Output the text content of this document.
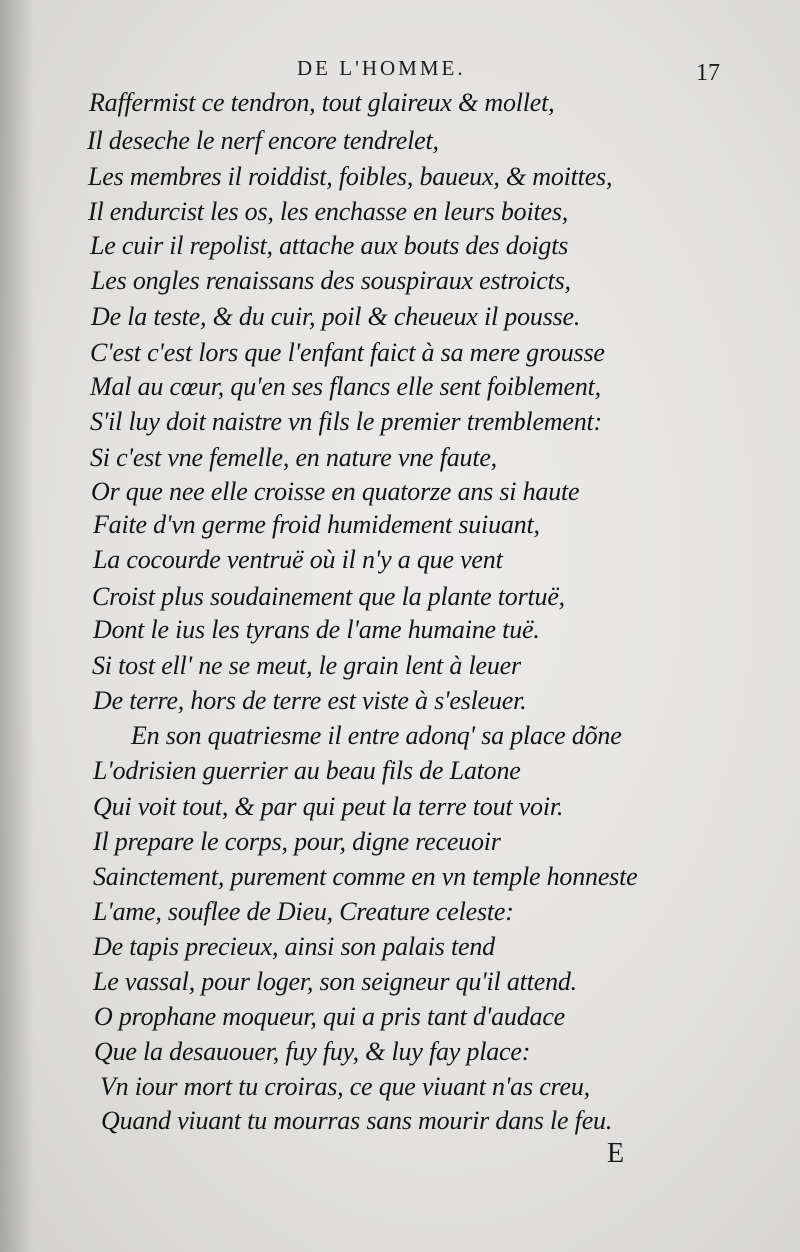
DE L'HOMME.	17
Raffermist ce tendron, tout glaireux & mollet,
Il deseche le nerf encore tendrelet,
Les membres il roiddist, foibles, baueux, & moittes,
Il endurcist les os, les enchasse en leurs boites,
Le cuir il repolist, attache aux bouts des doigts
Les ongles renaissans des souspiraux estroicts,
De la teste, & du cuir, poil & cheueux il pousse.
C'est c'est lors que l'enfant faict à sa mere grousse
Mal au cœur, qu'en ses flancs elle sent foiblement,
S'il luy doit naistre vn fils le premier tremblement:
Si c'est vne femelle, en nature vne faute,
Or que nee elle croisse en quatorze ans si haute
Faite d'vn germe froid humidement suiuant,
La cocourde ventruë où il n'y a que vent
Croist plus soudainement que la plante tortuë,
Dont le ius les tyrans de l'ame humaine tuë.
Si tost ell' ne se meut, le grain lent à leuer
De terre, hors de terre est viste à s'esleuer.
En son quatriesme il entre adonq' sa place dõne
L'odrisien guerrier au beau fils de Latone
Qui voit tout, & par qui peut la terre tout voir.
Il prepare le corps, pour, digne receuoir
Sainctement, purement comme en vn temple honneste
L'ame, souflee de Dieu, Creature celeste:
De tapis precieux, ainsi son palais tend
Le vassal, pour loger, son seigneur qu'il attend.
O prophane moqueur, qui a pris tant d'audace
Que la desauouer, fuy fuy, & luy fay place:
Vn iour mort tu croiras, ce que viuant n'as creu,
Quand viuant tu mourras sans mourir dans le feu.
E
